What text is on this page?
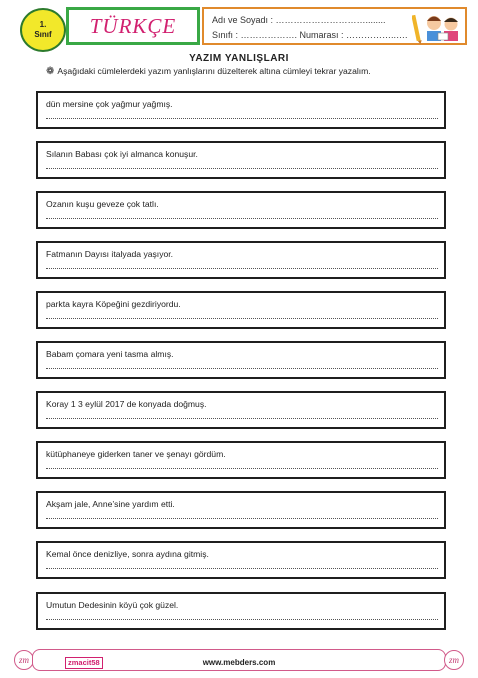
1.
Sınıf TÜRKÇE	Adı ve Soyadı : …………………………........
Sınıfı : ………………. Numarası : ……………..….
YAZIM YANLIŞLARI
❁ Aşağıdaki cümlelerdeki yazım yanlışlarını düzelterek altına cümleyi tekrar yazalım.
dün mersine çok yağmur yağmış.
Sılanın Babası çok iyi almanca konuşur.
Ozanın kuşu geveze çok tatlı.
Fatmanın Dayısı italyada yaşıyor.
parkta kayra Köpeğini gezdiriyordu.
Babam çomara yeni tasma almış.
Koray 1 3 eylül 2017 de konyada doğmuş.
kütüphaneye giderken taner ve şenayı gördüm.
Akşam jale, Anne’sine yardım etti.
Kemal önce denizliye, sonra aydına gitmiş.
Umutun Dedesinin köyü çok güzel.
zm	zmacit58	www.mebders.com	zm
